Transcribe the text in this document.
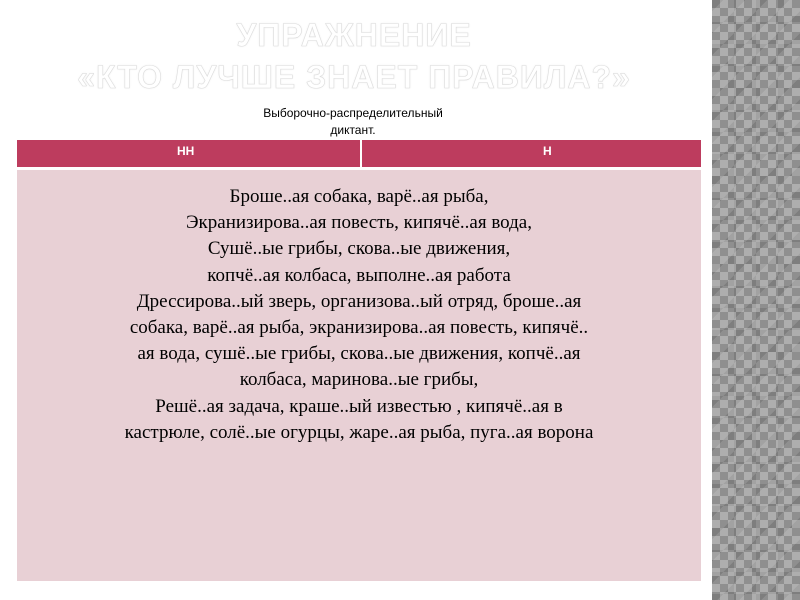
УПРАЖНЕНИЕ
«КТО ЛУЧШЕ ЗНАЕТ ПРАВИЛА?»
Выборочно-распределительный
диктант.
НН	Н
Броше..ая собака, варё..ая рыба,
Экранизирова..ая повесть, кипячё..ая вода,
Сушё..ые грибы, скова..ые движения,
копчё..ая колбаса, выполне..ая работа
Дрессирова..ый зверь, организова..ый отряд, броше..ая
собака, варё..ая рыба, экранизирова..ая повесть, кипячё..
ая вода, сушё..ые грибы, скова..ые движения, копчё..ая
колбаса, маринова..ые грибы,
Решё..ая задача, краше..ый известью , кипячё..ая в
кастрюле, солё..ые огурцы, жаре..ая рыба, пуга..ая ворона
